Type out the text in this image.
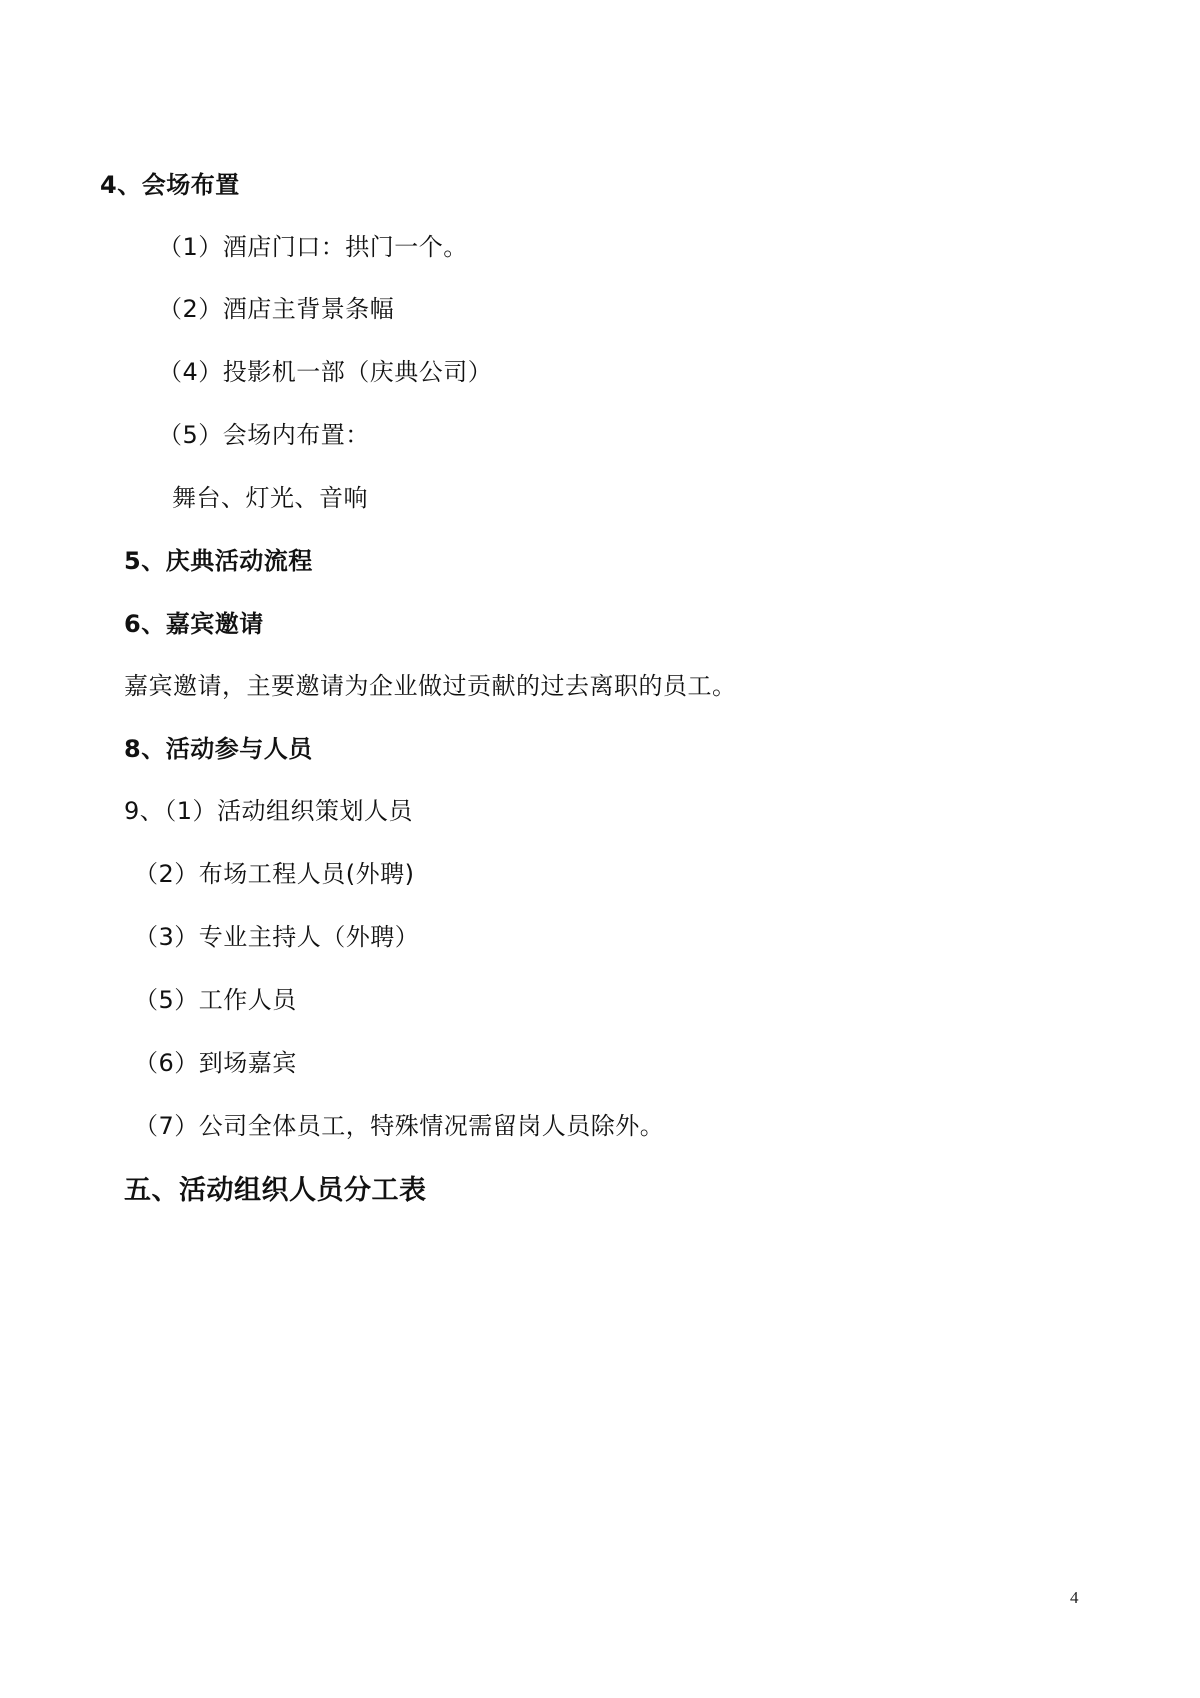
4、会场布置
（1）酒店门口：拱门一个。
（2）酒店主背景条幅
（4）投影机一部（庆典公司）
（5）会场内布置：
舞台、灯光、音响
5、庆典活动流程
6、嘉宾邀请
嘉宾邀请，主要邀请为企业做过贡献的过去离职的员工。
8、活动参与人员
9、（1）活动组织策划人员
（2）布场工程人员(外聘)
（3）专业主持人（外聘）
（5）工作人员
（6）到场嘉宾
（7）公司全体员工，特殊情况需留岗人员除外。
五、活动组织人员分工表
4
